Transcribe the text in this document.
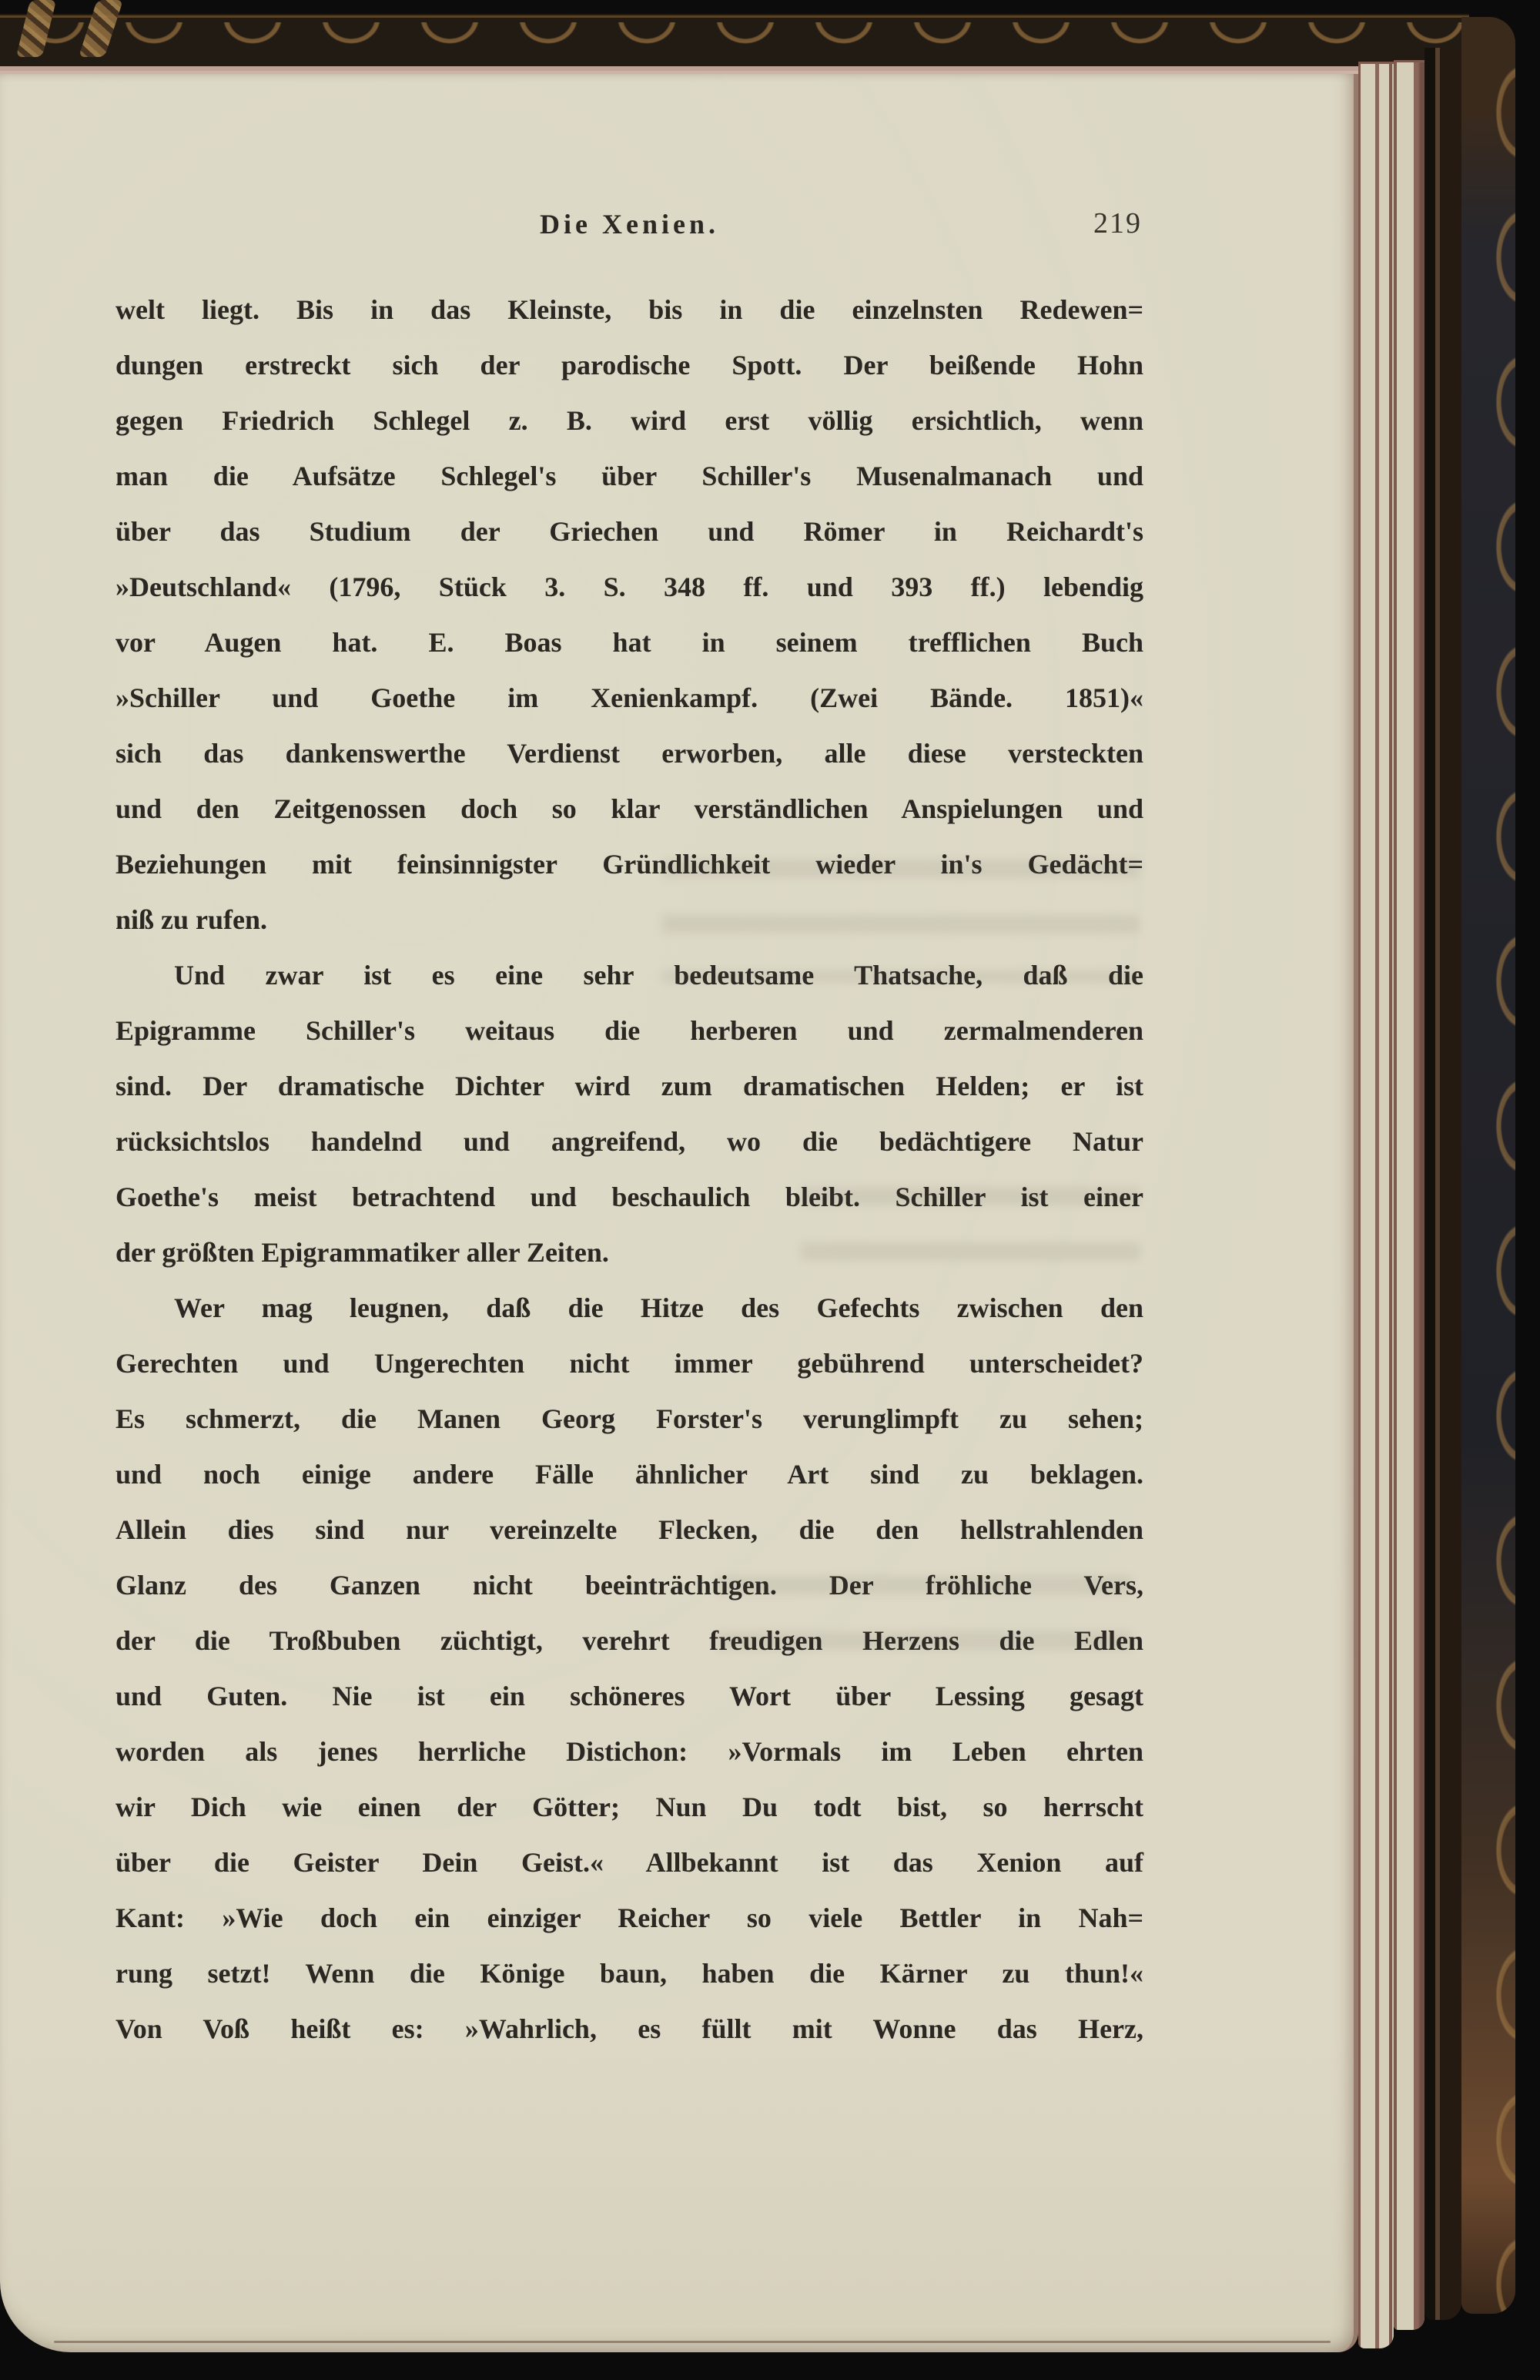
Die Xenien.	219
welt liegt. Bis in das Kleinste, bis in die einzelnsten Redewen=
dungen erstreckt sich der parodische Spott. Der beißende Hohn
gegen Friedrich Schlegel z. B. wird erst völlig ersichtlich, wenn
man die Aufsätze Schlegel's über Schiller's Musenalmanach und
über das Studium der Griechen und Römer in Reichardt's
»Deutschland« (1796, Stück 3. S. 348 ff. und 393 ff.) lebendig
vor Augen hat. E. Boas hat in seinem trefflichen Buch
»Schiller und Goethe im Xenienkampf. (Zwei Bände. 1851)«
sich das dankenswerthe Verdienst erworben, alle diese versteckten
und den Zeitgenossen doch so klar verständlichen Anspielungen und
Beziehungen mit feinsinnigster Gründlichkeit wieder in's Gedächt=
niß zu rufen.
Und zwar ist es eine sehr bedeutsame Thatsache, daß die
Epigramme Schiller's weitaus die herberen und zermalmenderen
sind. Der dramatische Dichter wird zum dramatischen Helden; er ist
rücksichtslos handelnd und angreifend, wo die bedächtigere Natur
Goethe's meist betrachtend und beschaulich bleibt. Schiller ist einer
der größten Epigrammatiker aller Zeiten.
Wer mag leugnen, daß die Hitze des Gefechts zwischen den
Gerechten und Ungerechten nicht immer gebührend unterscheidet?
Es schmerzt, die Manen Georg Forster's verunglimpft zu sehen;
und noch einige andere Fälle ähnlicher Art sind zu beklagen.
Allein dies sind nur vereinzelte Flecken, die den hellstrahlenden
Glanz des Ganzen nicht beeinträchtigen. Der fröhliche Vers,
der die Troßbuben züchtigt, verehrt freudigen Herzens die Edlen
und Guten. Nie ist ein schöneres Wort über Lessing gesagt
worden als jenes herrliche Distichon: »Vormals im Leben ehrten
wir Dich wie einen der Götter; Nun Du todt bist, so herrscht
über die Geister Dein Geist.« Allbekannt ist das Xenion auf
Kant: »Wie doch ein einziger Reicher so viele Bettler in Nah=
rung setzt! Wenn die Könige baun, haben die Kärner zu thun!«
Von Voß heißt es: »Wahrlich, es füllt mit Wonne das Herz,
